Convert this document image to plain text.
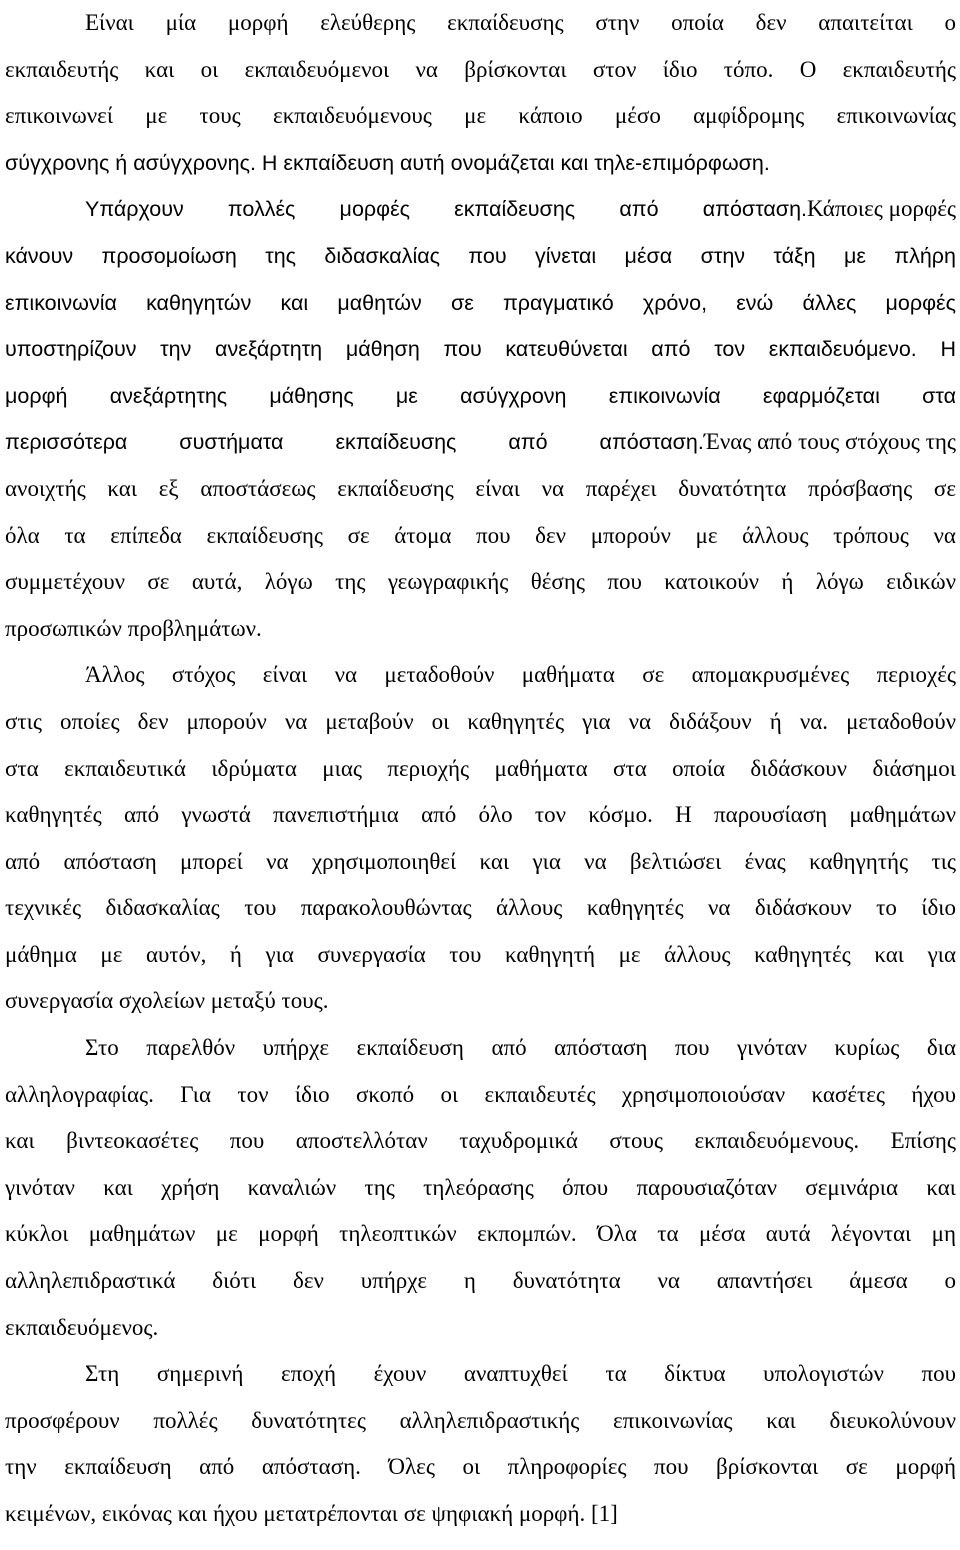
Είναι μία μορφή ελεύθερης εκπαίδευσης στην οποία δεν απαιτείται ο
εκπαιδευτής και οι εκπαιδευόμενοι να βρίσκονται στον ίδιο τόπο. Ο εκπαιδευτής
επικοινωνεί με τους εκπαιδευόμενους με κάποιο μέσο αμφίδρομης επικοινωνίας
σύγχρονης ή ασύγχρονης. Η εκπαίδευση αυτή ονομάζεται και τηλε-επιμόρφωση.
Υπάρχουν πολλές μορφές εκπαίδευσης από απόσταση. Κάποιες μορφές
κάνουν προσομοίωση της διδασκαλίας που γίνεται μέσα στην τάξη με πλήρη
επικοινωνία καθηγητών και μαθητών σε πραγματικό χρόνο, ενώ άλλες μορφές
υποστηρίζουν την ανεξάρτητη μάθηση που κατευθύνεται από τον εκπαιδευόμενο. Η
μορφή ανεξάρτητης μάθησης με ασύγχρονη επικοινωνία εφαρμόζεται στα
περισσότερα συστήματα εκπαίδευσης από απόσταση. Ένας από τους στόχους της
ανοιχτής και εξ αποστάσεως εκπαίδευσης είναι να παρέχει δυνατότητα πρόσβασης σε
όλα τα επίπεδα εκπαίδευσης σε άτομα που δεν μπορούν με άλλους τρόπους να
συμμετέχουν σε αυτά, λόγω της γεωγραφικής θέσης που κατοικούν ή λόγω ειδικών
προσωπικών προβλημάτων.
Άλλος στόχος είναι να μεταδοθούν μαθήματα σε απομακρυσμένες περιοχές
στις οποίες δεν μπορούν να μεταβούν οι καθηγητές για να διδάξουν ή να. μεταδοθούν
στα εκπαιδευτικά ιδρύματα μιας περιοχής μαθήματα στα οποία διδάσκουν διάσημοι
καθηγητές από γνωστά πανεπιστήμια από όλο τον κόσμο. Η παρουσίαση μαθημάτων
από απόσταση μπορεί να χρησιμοποιηθεί και για να βελτιώσει ένας καθηγητής τις
τεχνικές διδασκαλίας του παρακολουθώντας άλλους καθηγητές να διδάσκουν το ίδιο
μάθημα με αυτόν, ή για συνεργασία του καθηγητή με άλλους καθηγητές και για
συνεργασία σχολείων μεταξύ τους.
Στο παρελθόν υπήρχε εκπαίδευση από απόσταση που γινόταν κυρίως δια
αλληλογραφίας. Για τον ίδιο σκοπό οι εκπαιδευτές χρησιμοποιούσαν κασέτες ήχου
και βιντεοκασέτες που αποστελλόταν ταχυδρομικά στους εκπαιδευόμενους. Επίσης
γινόταν και χρήση καναλιών της τηλεόρασης όπου παρουσιαζόταν σεμινάρια και
κύκλοι μαθημάτων με μορφή τηλεοπτικών εκπομπών. Όλα τα μέσα αυτά λέγονται μη
αλληλεπιδραστικά διότι δεν υπήρχε η δυνατότητα να απαντήσει άμεσα ο
εκπαιδευόμενος.
Στη σημερινή εποχή έχουν αναπτυχθεί τα δίκτυα υπολογιστών που
προσφέρουν πολλές δυνατότητες αλληλεπιδραστικής επικοινωνίας και διευκολύνουν
την εκπαίδευση από απόσταση. Όλες οι πληροφορίες που βρίσκονται σε μορφή
κειμένων, εικόνας και ήχου μετατρέπονται σε ψηφιακή μορφή. [1]
